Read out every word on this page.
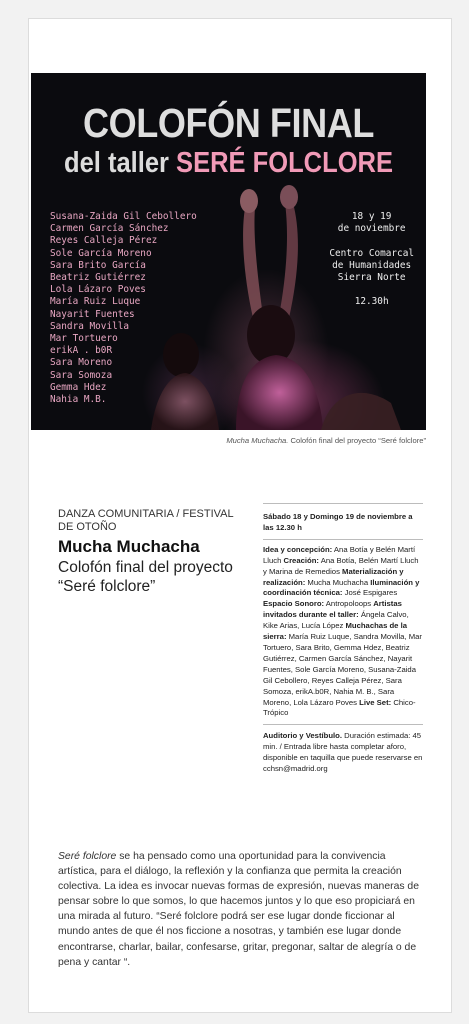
COLOFÓN FINAL
del taller SERÉ FOLCLORE
Susana-Zaida Gil Cebollero
Carmen García Sánchez
Reyes Calleja Pérez
Sole García Moreno
Sara Brito García
Beatriz Gutiérrez
Lola Lázaro Poves
María Ruiz Luque
Nayarit Fuentes
Sandra Movilla
Mar Tortuero
erikA . b0R
Sara Moreno
Sara Somoza
Gemma Hdez
Nahia M.B.
18 y 19
de noviembre
Centro Comarcal
de Humanidades
Sierra Norte
12.30h
Mucha Muchacha. Colofón final del proyecto “Seré folclore”
DANZA COMUNITARIA / FESTIVAL DE OTOÑO
Mucha Muchacha
Colofón final del proyecto “Seré folclore”
Sábado 18 y Domingo 19 de noviembre a las 12.30 h
Idea y concepción: Ana Botía y Belén Martí Lluch Creación: Ana Botía, Belén Martí Lluch y Marina de Remedios Materialización y realización: Mucha Muchacha Iluminación y coordinación técnica: José Espigares Espacio Sonoro: Antropoloops Artistas invitados durante el taller: Ángela Calvo, Kike Arias, Lucía López Muchachas de la sierra: María Ruiz Luque, Sandra Movilla, Mar Tortuero, Sara Brito, Gemma Hdez, Beatriz Gutiérrez, Carmen García Sánchez, Nayarit Fuentes, Sole García Moreno, Susana-Zaida Gil Cebollero, Reyes Calleja Pérez, Sara Somoza, erikA.b0R, Nahia M. B., Sara Moreno, Lola Lázaro Poves Live Set: Chico-Trópico
Auditorio y Vestíbulo. Duración estimada: 45 min. / Entrada libre hasta completar aforo, disponible en taquilla que puede reservarse en cchsn@madrid.org
Seré folclore se ha pensado como una oportunidad para la convivencia artística, para el diálogo, la reflexión y la confianza que permita la creación colectiva. La idea es invocar nuevas formas de expresión, nuevas maneras de pensar sobre lo que somos, lo que hacemos juntos y lo que eso propiciará en una mirada al futuro. “Seré folclore podrá ser ese lugar donde ficcionar al mundo antes de que él nos ficcione a nosotras, y también ese lugar donde encontrarse, charlar, bailar, confesarse, gritar, pregonar, saltar de alegría o de pena y cantar “.
